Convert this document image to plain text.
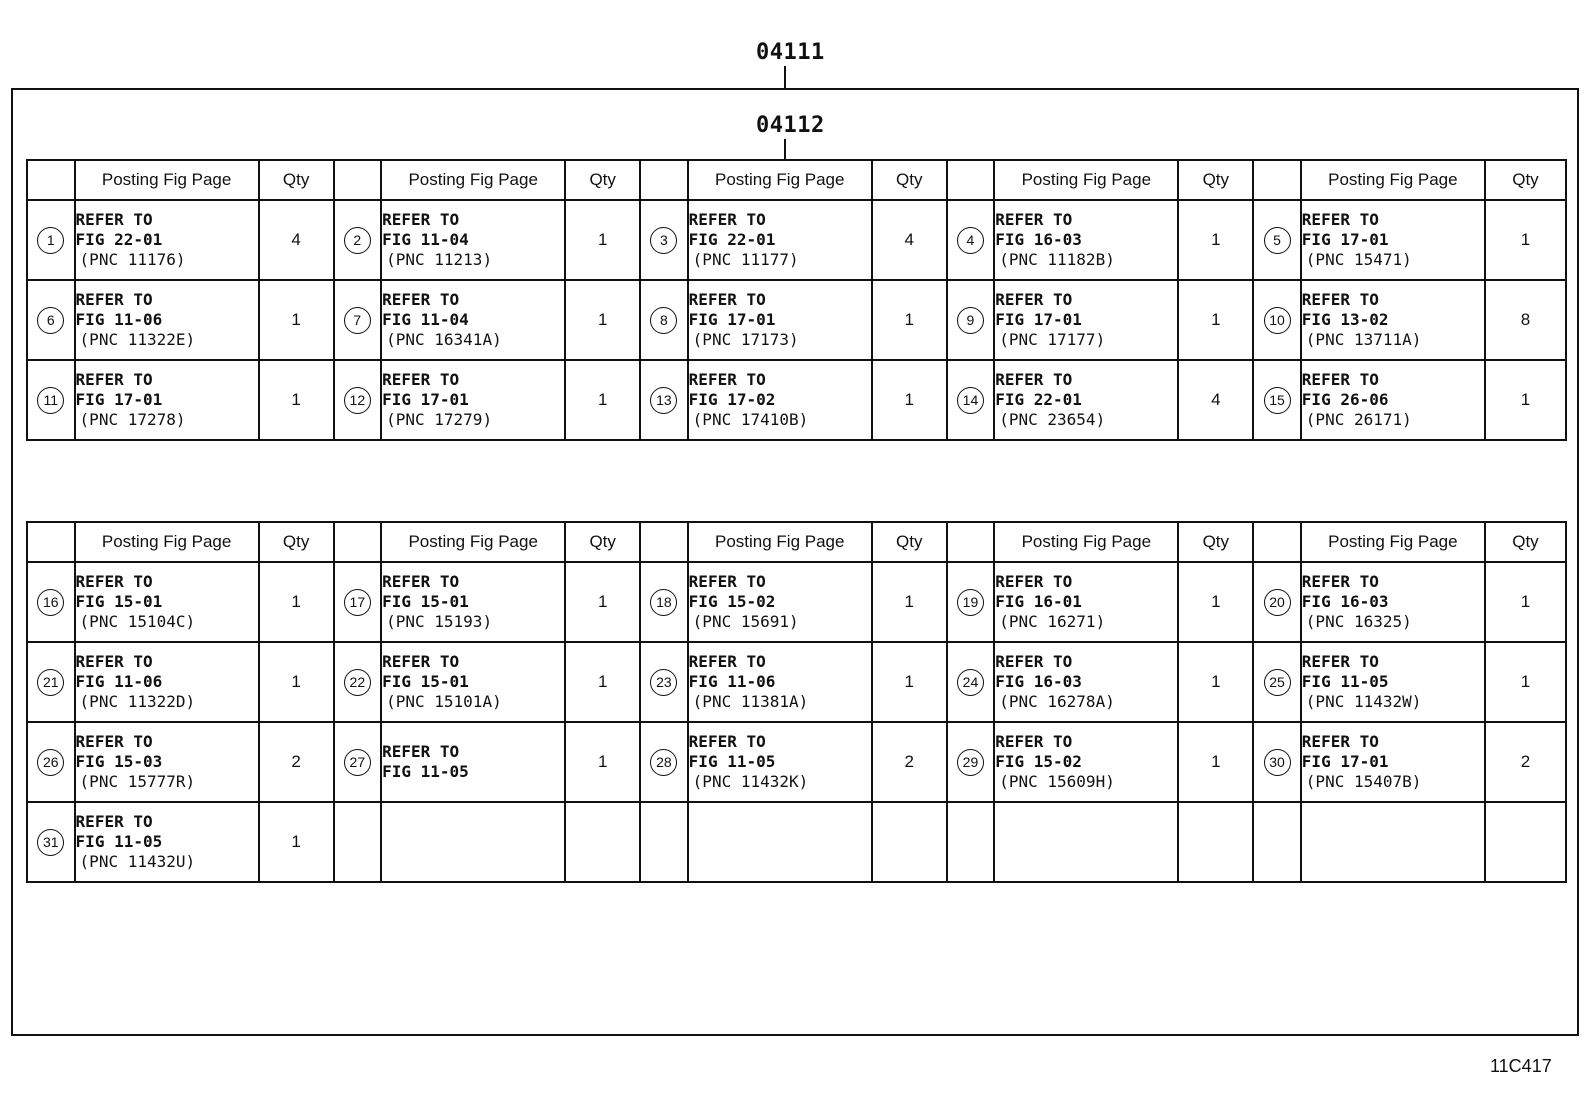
04111
04112
	Posting Fig Page	Qty		Posting Fig Page	Qty		Posting Fig Page	Qty		Posting Fig Page	Qty		Posting Fig Page	Qty
1	REFER TO
FIG 22-01
(PNC 11176)	4	2	REFER TO
FIG 11-04
(PNC 11213)	1	3	REFER TO
FIG 22-01
(PNC 11177)	4	4	REFER TO
FIG 16-03
(PNC 11182B)	1	5	REFER TO
FIG 17-01
(PNC 15471)	1
6	REFER TO
FIG 11-06
(PNC 11322E)	1	7	REFER TO
FIG 11-04
(PNC 16341A)	1	8	REFER TO
FIG 17-01
(PNC 17173)	1	9	REFER TO
FIG 17-01
(PNC 17177)	1	10	REFER TO
FIG 13-02
(PNC 13711A)	8
11	REFER TO
FIG 17-01
(PNC 17278)	1	12	REFER TO
FIG 17-01
(PNC 17279)	1	13	REFER TO
FIG 17-02
(PNC 17410B)	1	14	REFER TO
FIG 22-01
(PNC 23654)	4	15	REFER TO
FIG 26-06
(PNC 26171)	1
	Posting Fig Page	Qty		Posting Fig Page	Qty		Posting Fig Page	Qty		Posting Fig Page	Qty		Posting Fig Page	Qty
16	REFER TO
FIG 15-01
(PNC 15104C)	1	17	REFER TO
FIG 15-01
(PNC 15193)	1	18	REFER TO
FIG 15-02
(PNC 15691)	1	19	REFER TO
FIG 16-01
(PNC 16271)	1	20	REFER TO
FIG 16-03
(PNC 16325)	1
21	REFER TO
FIG 11-06
(PNC 11322D)	1	22	REFER TO
FIG 15-01
(PNC 15101A)	1	23	REFER TO
FIG 11-06
(PNC 11381A)	1	24	REFER TO
FIG 16-03
(PNC 16278A)	1	25	REFER TO
FIG 11-05
(PNC 11432W)	1
26	REFER TO
FIG 15-03
(PNC 15777R)	2	27	REFER TO
FIG 11-05	1	28	REFER TO
FIG 11-05
(PNC 11432K)	2	29	REFER TO
FIG 15-02
(PNC 15609H)	1	30	REFER TO
FIG 17-01
(PNC 15407B)	2
31	REFER TO
FIG 11-05
(PNC 11432U)	1												
11C417
